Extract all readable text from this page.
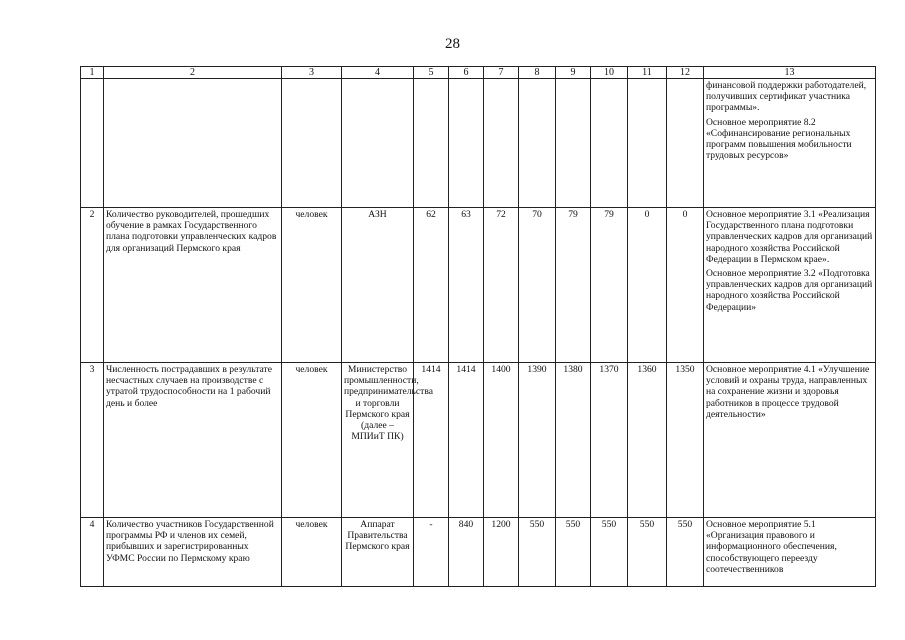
28
1	2	3	4	5	6	7	8	9	10	11	12	13

												финансовой поддержки работодателей, получивших сертификат участника программы».
Основное мероприятие 8.2 «Софинансирование региональных программ повышения мобильности трудовых ресурсов»

2	Количество руководителей, прошедших обучение в рамках Государственного плана подготовки управленческих кадров для организаций Пермского края	человек	АЗН	62	63	72	70	79	79	0	0	Основное мероприятие 3.1 «Реализация Государственного плана подготовки управленческих кадров для организаций народного хозяйства Российской Федерации в Пермском крае».
Основное мероприятие 3.2 «Подготовка управленческих кадров для организаций народного хозяйства Российской Федерации»

3	Численность пострадавших в результате несчастных случаев на производстве с утратой трудоспособности на 1 рабочий день и более	человек	Министерство промышленности, предпринимательства и торговли Пермского края (далее – МПИиТ ПК)	1414	1414	1400	1390	1380	1370	1360	1350	Основное мероприятие 4.1 «Улучшение условий и охраны труда, направленных на сохранение жизни и здоровья работников в процессе трудовой деятельности»

4	Количество участников Государственной программы РФ и членов их семей, прибывших и зарегистрированных УФМС России по Пермскому краю	человек	Аппарат Правительства Пермского края	-	840	1200	550	550	550	550	550	Основное мероприятие 5.1 «Организация правового и информационного обеспечения, способствующего переезду соотечественников
